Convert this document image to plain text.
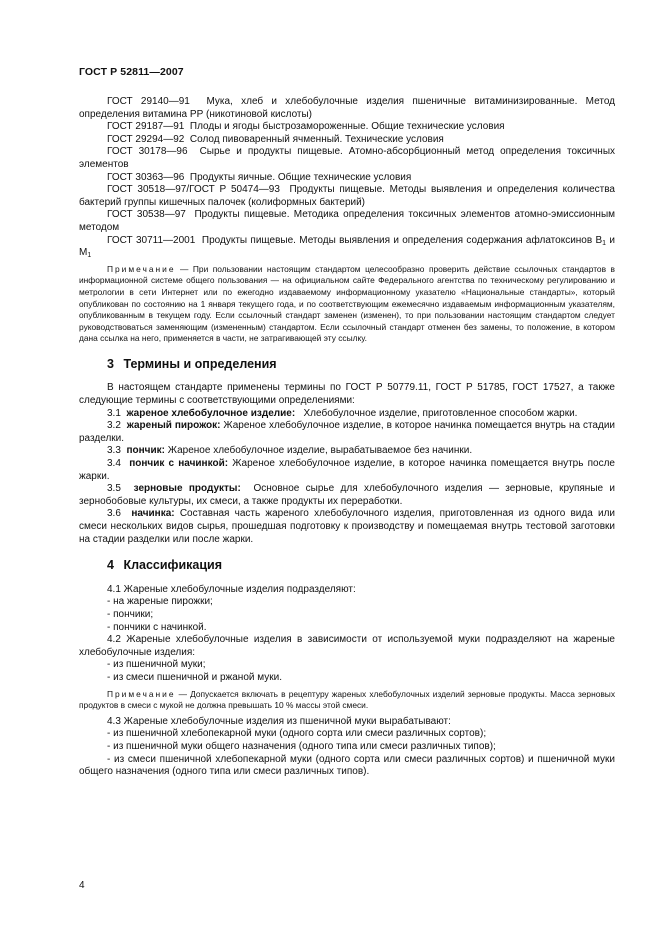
ГОСТ Р 52811—2007

ГОСТ 29140—91 Мука, хлеб и хлебобулочные изделия пшеничные витаминизированные. Метод определения витамина РР (никотиновой кислоты)

ГОСТ 29187—91 Плоды и ягоды быстрозамороженные. Общие технические условия

ГОСТ 29294—92 Солод пивоваренный ячменный. Технические условия

ГОСТ 30178—96 Сырье и продукты пищевые. Атомно-абсорбционный метод определения токсичных элементов

ГОСТ 30363—96 Продукты яичные. Общие технические условия

ГОСТ 30518—97/ГОСТ Р 50474—93 Продукты пищевые. Методы выявления и определения количества бактерий группы кишечных палочек (колиформных бактерий)

ГОСТ 30538—97 Продукты пищевые. Методика определения токсичных элементов атомно-эмиссионным методом

ГОСТ 30711—2001 Продукты пищевые. Методы выявления и определения содержания афлатоксинов $B_1$ и $M_1$

Примечание — При пользовании настоящим стандартом целесообразно проверить действие ссылочных стандартов в информационной системе общего пользования — на официальном сайте Федерального агентства по техническому регулированию и метрологии в сети Интернет или по ежегодно издаваемому информационному указателю «Национальные стандарты», который опубликован по состоянию на 1 января текущего года, и по соответствующим ежемесячно издаваемым информационным указателям, опубликованным в текущем году. Если ссылочный стандарт заменен (изменен), то при пользовании настоящим стандартом следует руководствоваться заменяющим (измененным) стандартом. Если ссылочный стандарт отменен без замены, то положение, в котором дана ссылка на него, применяется в части, не затрагивающей эту ссылку.

3 Термины и определения

В настоящем стандарте применены термины по ГОСТ Р 50779.11, ГОСТ Р 51785, ГОСТ 17527, а также следующие термины с соответствующими определениями:

3.1 жареное хлебобулочное изделие: Хлебобулочное изделие, приготовленное способом жарки.

3.2 жареный пирожок: Жареное хлебобулочное изделие, в которое начинка помещается внутрь на стадии разделки.

3.3 пончик: Жареное хлебобулочное изделие, вырабатываемое без начинки.

3.4 пончик с начинкой: Жареное хлебобулочное изделие, в которое начинка помещается внутрь после жарки.

3.5 зерновые продукты: Основное сырье для хлебобулочного изделия — зерновые, крупяные и зернобобовые культуры, их смеси, а также продукты их переработки.

3.6 начинка: Составная часть жареного хлебобулочного изделия, приготовленная из одного вида или смеси нескольких видов сырья, прошедшая подготовку к производству и помещаемая внутрь тестовой заготовки на стадии разделки или после жарки.

4 Классификация

4.1 Жареные хлебобулочные изделия подразделяют:

- на жареные пирожки;

- пончики;

- пончики с начинкой.

4.2 Жареные хлебобулочные изделия в зависимости от используемой муки подразделяют на жареные хлебобулочные изделия:

- из пшеничной муки;

- из смеси пшеничной и ржаной муки.

Примечание — Допускается включать в рецептуру жареных хлебобулочных изделий зерновые продукты. Масса зерновых продуктов в смеси с мукой не должна превышать 10 % массы этой смеси.

4.3 Жареные хлебобулочные изделия из пшеничной муки вырабатывают:

- из пшеничной хлебопекарной муки (одного сорта или смеси различных сортов);

- из пшеничной муки общего назначения (одного типа или смеси различных типов);

- из смеси пшеничной хлебопекарной муки (одного сорта или смеси различных сортов) и пшеничной муки общего назначения (одного типа или смеси различных типов).

4
